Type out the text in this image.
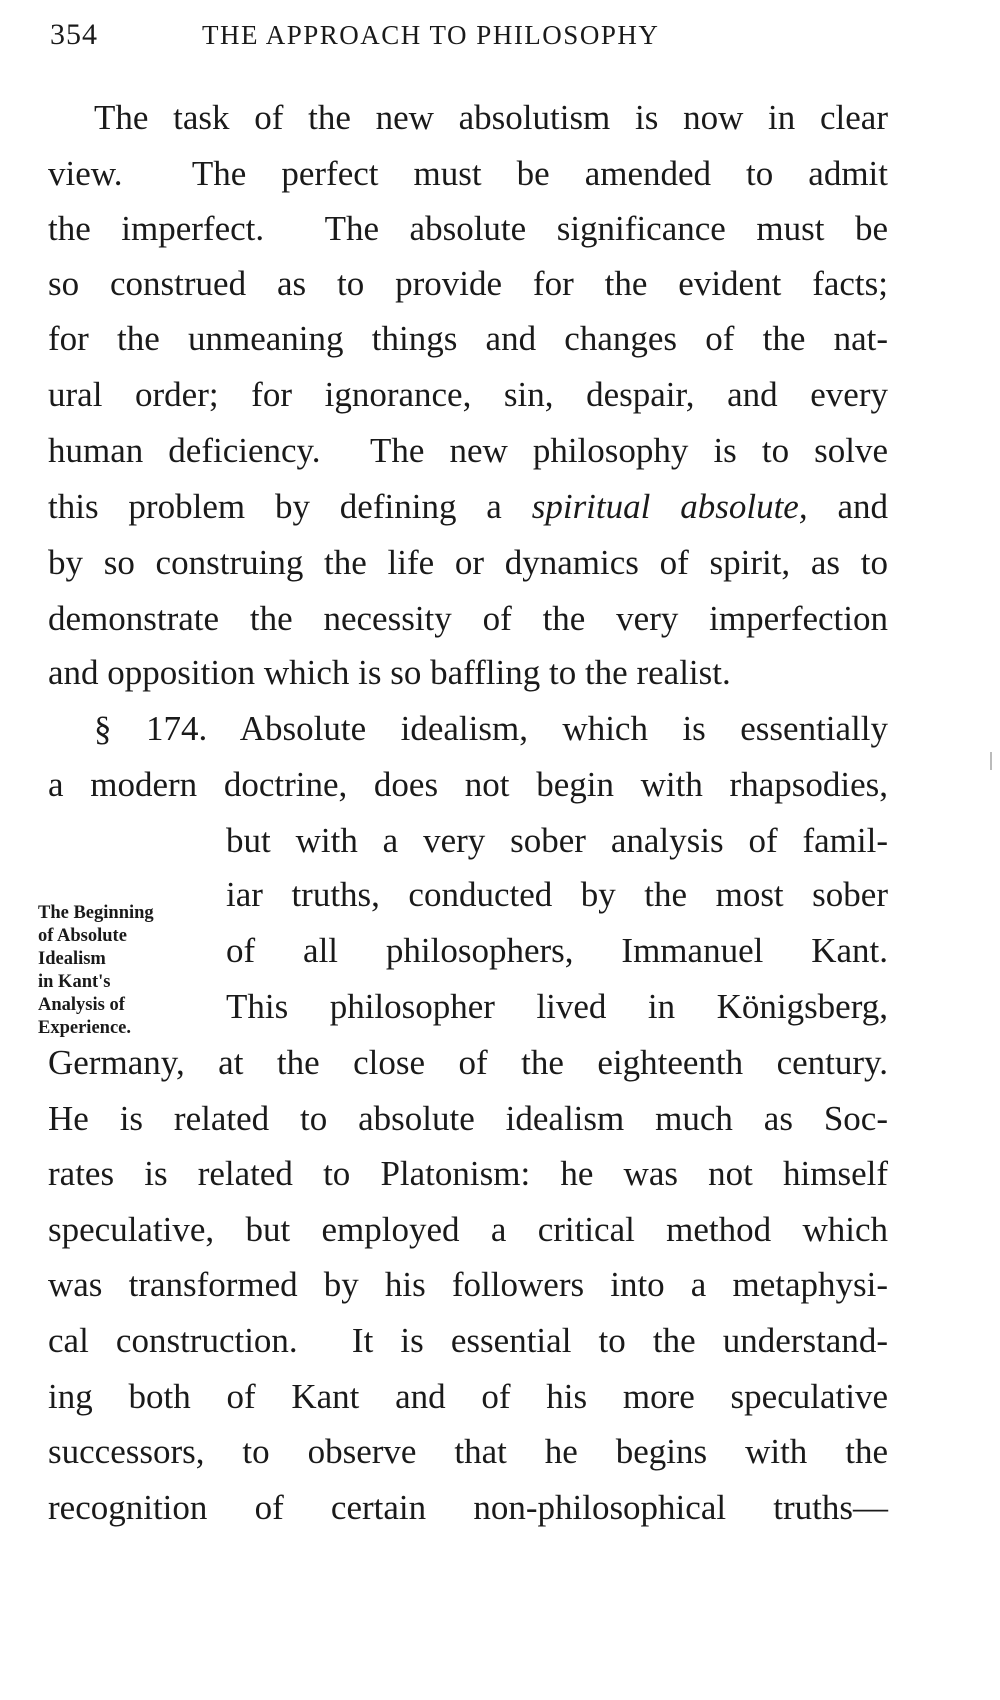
354	THE APPROACH TO PHILOSOPHY
The task of the new absolutism is now in clear
view.  The perfect must be amended to admit
the imperfect.  The absolute significance must be
so construed as to provide for the evident facts;
for the unmeaning things and changes of the nat-
ural order; for ignorance, sin, despair, and every
human deficiency.  The new philosophy is to solve
this problem by defining a spiritual absolute, and
by so construing the life or dynamics of spirit, as to
demonstrate the necessity of the very imperfection
and opposition which is so baffling to the realist.
§ 174. Absolute idealism, which is essentially
a modern doctrine, does not begin with rhapsodies,
but with a very sober analysis of famil-
iar truths, conducted by the most sober
of all philosophers, Immanuel Kant.
This philosopher lived in Königsberg,
Germany, at the close of the eighteenth century.
He is related to absolute idealism much as Soc-
rates is related to Platonism: he was not himself
speculative, but employed a critical method which
was transformed by his followers into a metaphysi-
cal construction.  It is essential to the understand-
ing both of Kant and of his more speculative
successors, to observe that he begins with the
recognition of certain non-philosophical truths—
The Beginning
of Absolute
Idealism
in Kant's
Analysis of
Experience.
